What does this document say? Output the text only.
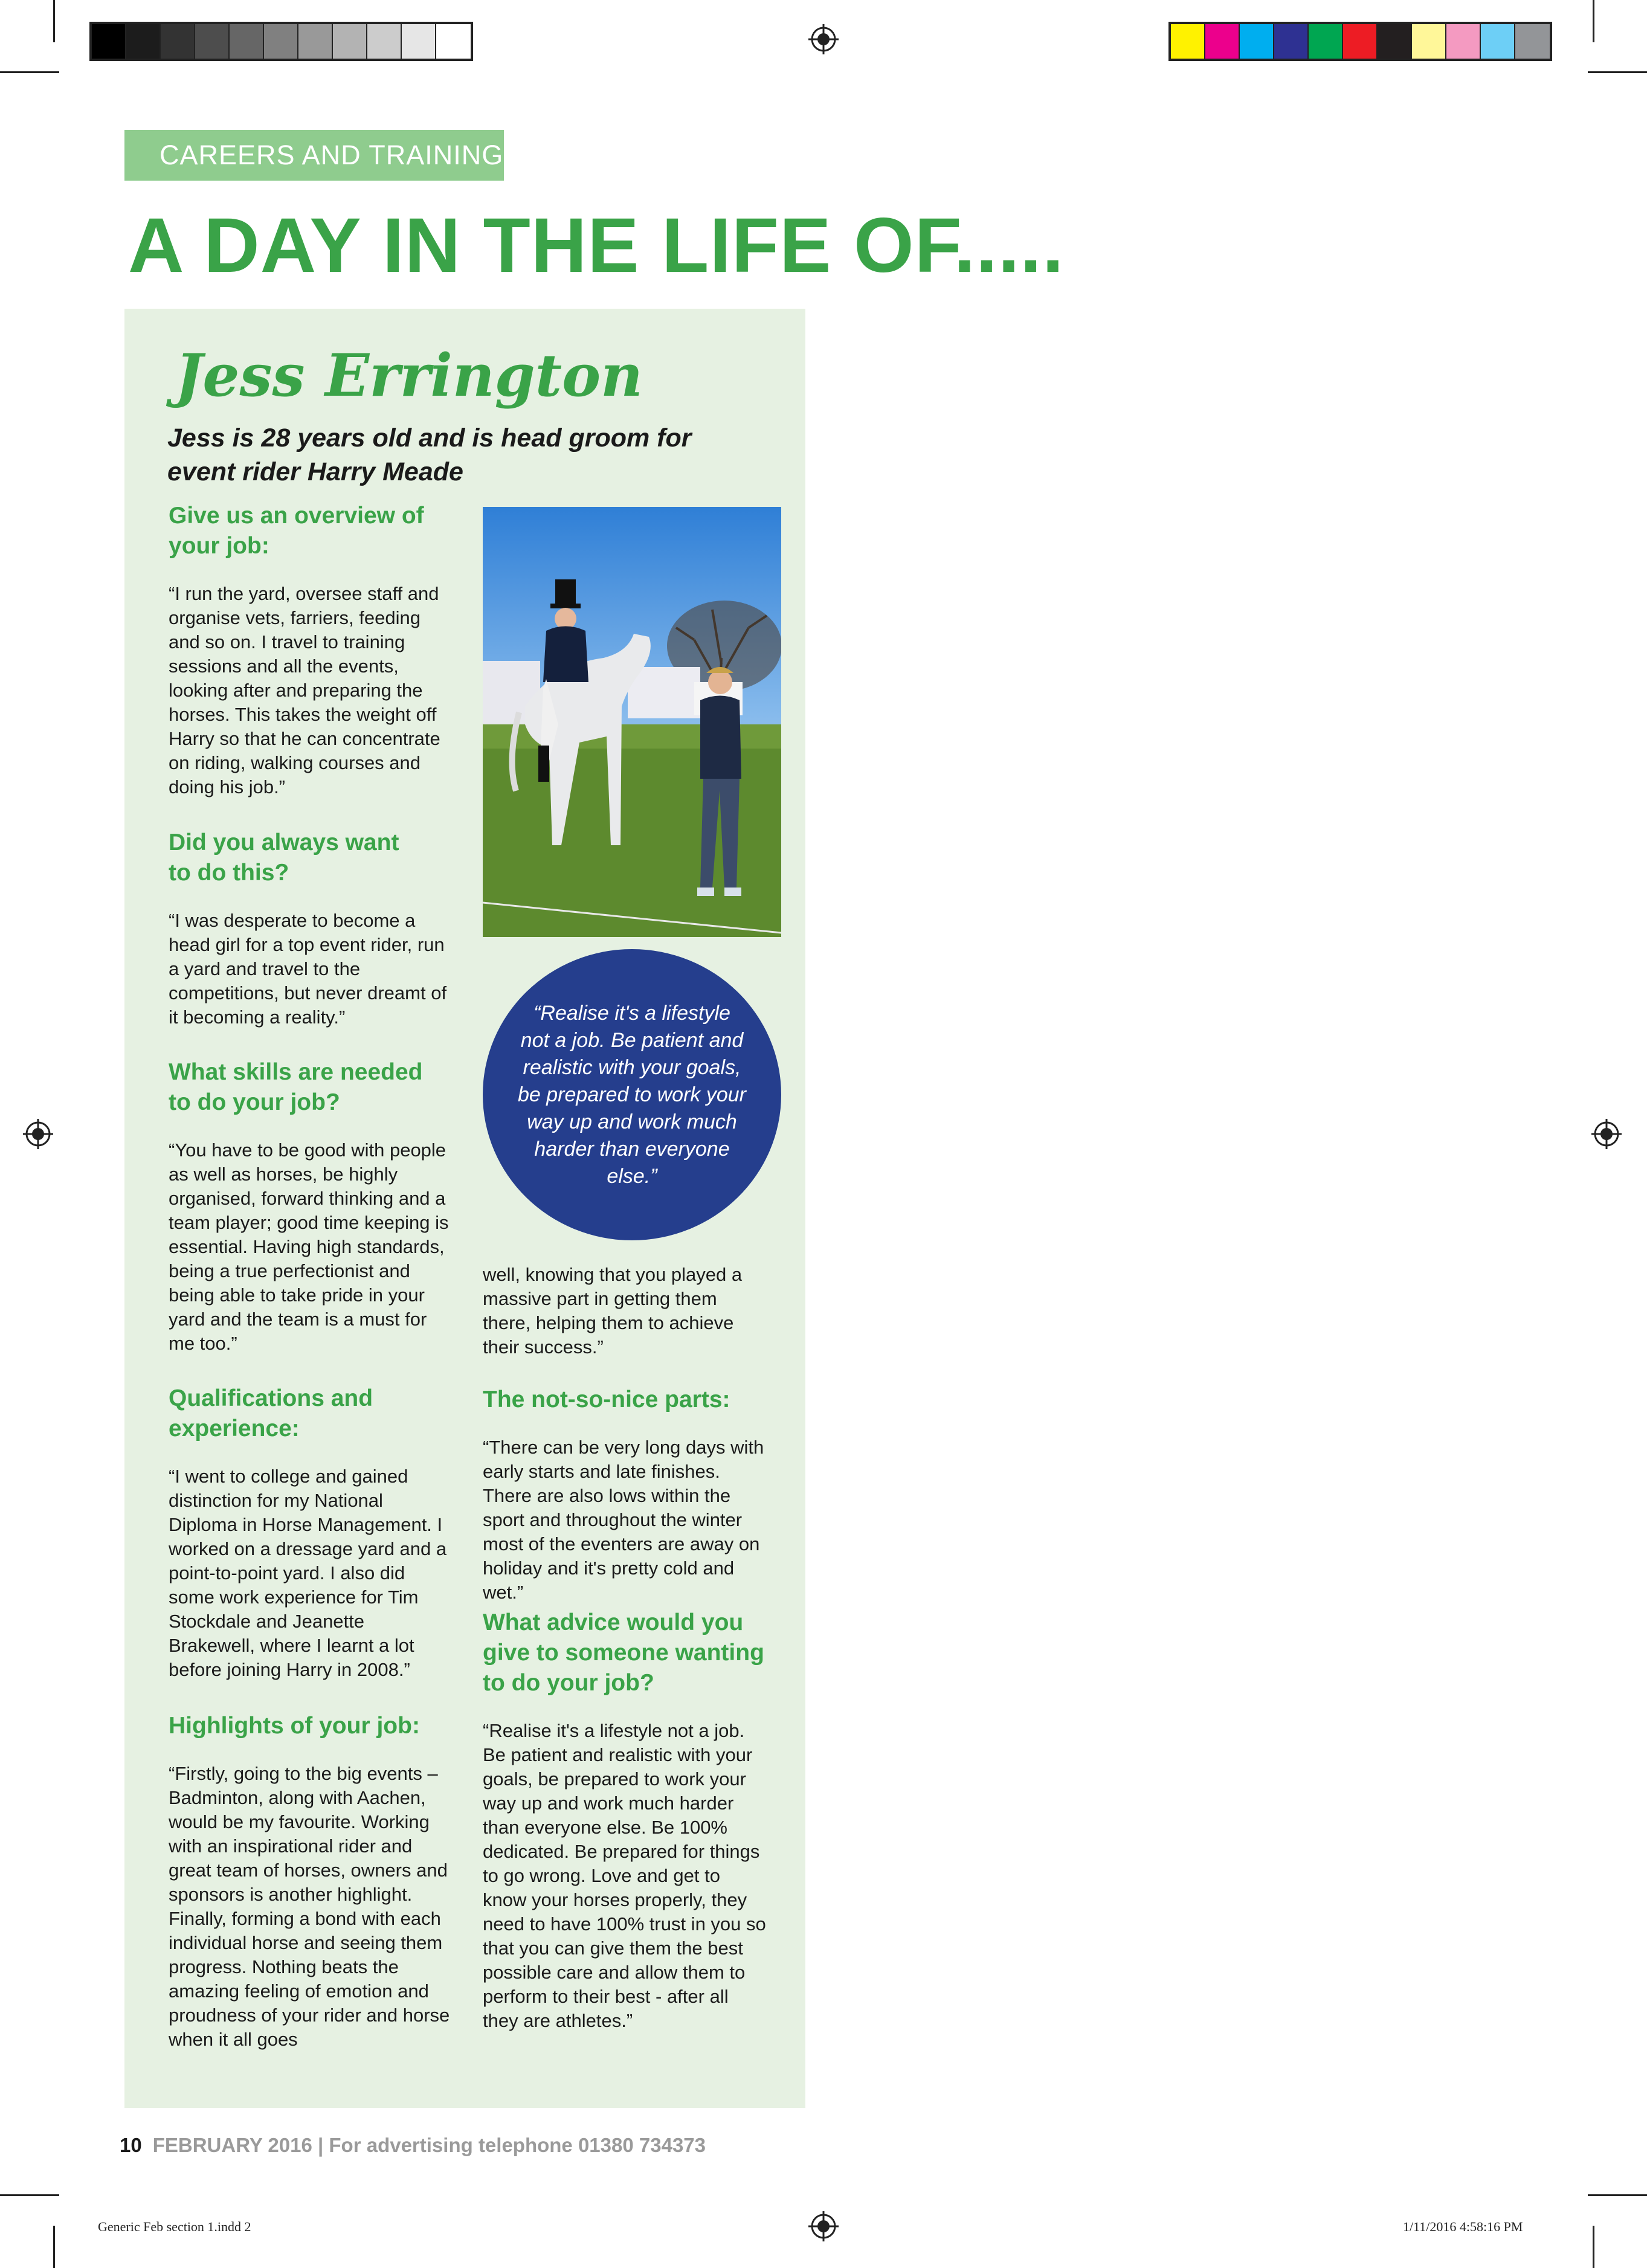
CAREERS AND TRAINING
A DAY IN THE LIFE OF.....
Jess Errington
Jess is 28 years old and is head groom for
event rider Harry Meade

Give us an overview of

your job:

“I run the yard, oversee staff and organise vets, farriers, feeding and so on. I travel to training sessions and all the events, looking after and preparing the horses. This takes the weight off Harry so that he can concentrate on riding, walking courses and doing his job.”

Did you always want

to do this?

“I was desperate to become a head girl for a top event rider, run a yard and travel to the competitions, but never dreamt of it becoming a reality.”

What skills are needed

to do your job?

“You have to be good with people as well as horses, be highly organised, forward thinking and a team player; good time keeping is essential. Having high standards, being a true perfectionist and being able to take pride in your yard and the team is a must for me too.”

Qualifications and

experience:

“I went to college and gained distinction for my National Diploma in Horse Management. I worked on a dressage yard and a point-to-point yard. I also did some work experience for Tim Stockdale and Jeanette Brakewell, where I learnt a lot before joining Harry in 2008.”

Highlights of your job:

“Firstly, going to the big events – Badminton, along with Aachen, would be my favourite. Working with an inspirational rider and great team of horses, owners and sponsors is another highlight. Finally, forming a bond with each individual horse and seeing them progress. Nothing beats the amazing feeling of emotion and proudness of your rider and horse when it all goes

“Realise it's a lifestyle not a job. Be patient and realistic with your goals, be prepared to work your way up and work much harder than everyone else.”

well, knowing that you played a massive part in getting them there, helping them to achieve their success.”

The not-so-nice parts:

“There can be very long days with early starts and late finishes. There are also lows within the sport and throughout the winter most of the eventers are away on holiday and it's pretty cold and wet.”

What advice would you

give to someone wanting

to do your job?

“Realise it's a lifestyle not a job. Be patient and realistic with your goals, be prepared to work your way up and work much harder than everyone else. Be 100% dedicated. Be prepared for things to go wrong. Love and get to know your horses properly, they need to have 100% trust in you so that you can give them the best possible care and allow them to perform to their best - after all they are athletes.”

10 FEBRUARY 2016 | For advertising telephone 01380 734373
Generic Feb section 1.indd 2	1/11/2016 4:58:16 PM
